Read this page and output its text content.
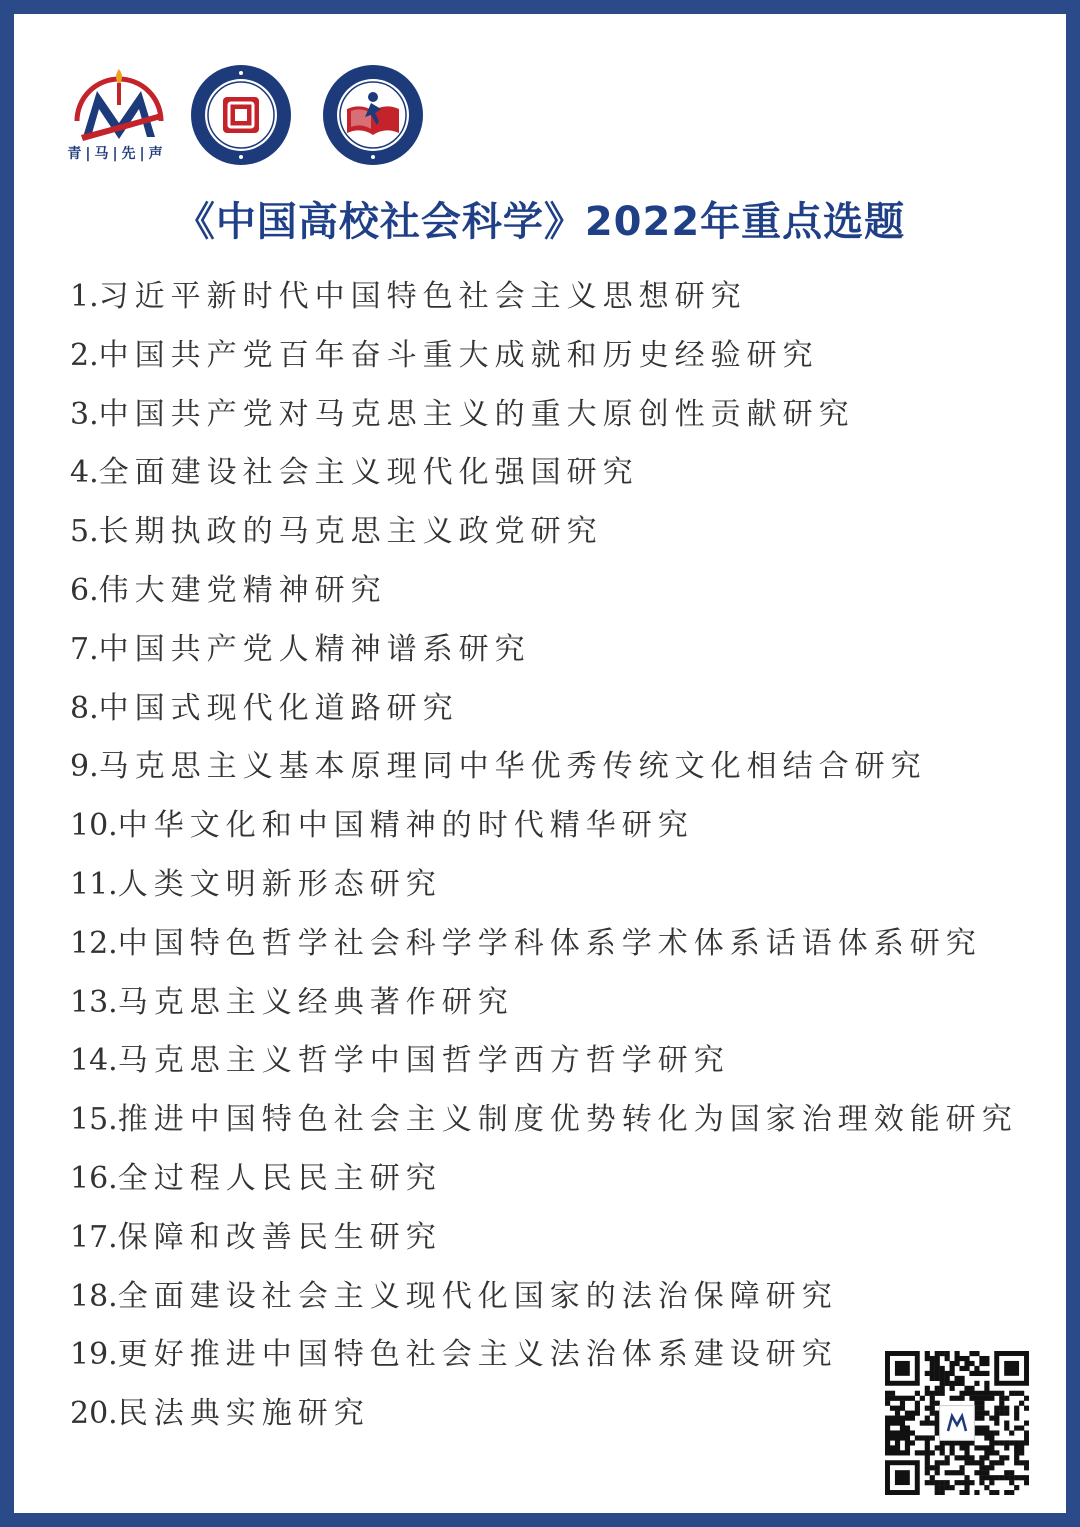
青|马|先|声
《中国高校社会科学》2022年重点选题
1.习近平新时代中国特色社会主义思想研究
2.中国共产党百年奋斗重大成就和历史经验研究
3.中国共产党对马克思主义的重大原创性贡献研究
4.全面建设社会主义现代化强国研究
5.长期执政的马克思主义政党研究
6.伟大建党精神研究
7.中国共产党人精神谱系研究
8.中国式现代化道路研究
9.马克思主义基本原理同中华优秀传统文化相结合研究
10.中华文化和中国精神的时代精华研究
11.人类文明新形态研究
12.中国特色哲学社会科学学科体系学术体系话语体系研究
13.马克思主义经典著作研究
14.马克思主义哲学中国哲学西方哲学研究
15.推进中国特色社会主义制度优势转化为国家治理效能研究
16.全过程人民民主研究
17.保障和改善民生研究
18.全面建设社会主义现代化国家的法治保障研究
19.更好推进中国特色社会主义法治体系建设研究
20.民法典实施研究
